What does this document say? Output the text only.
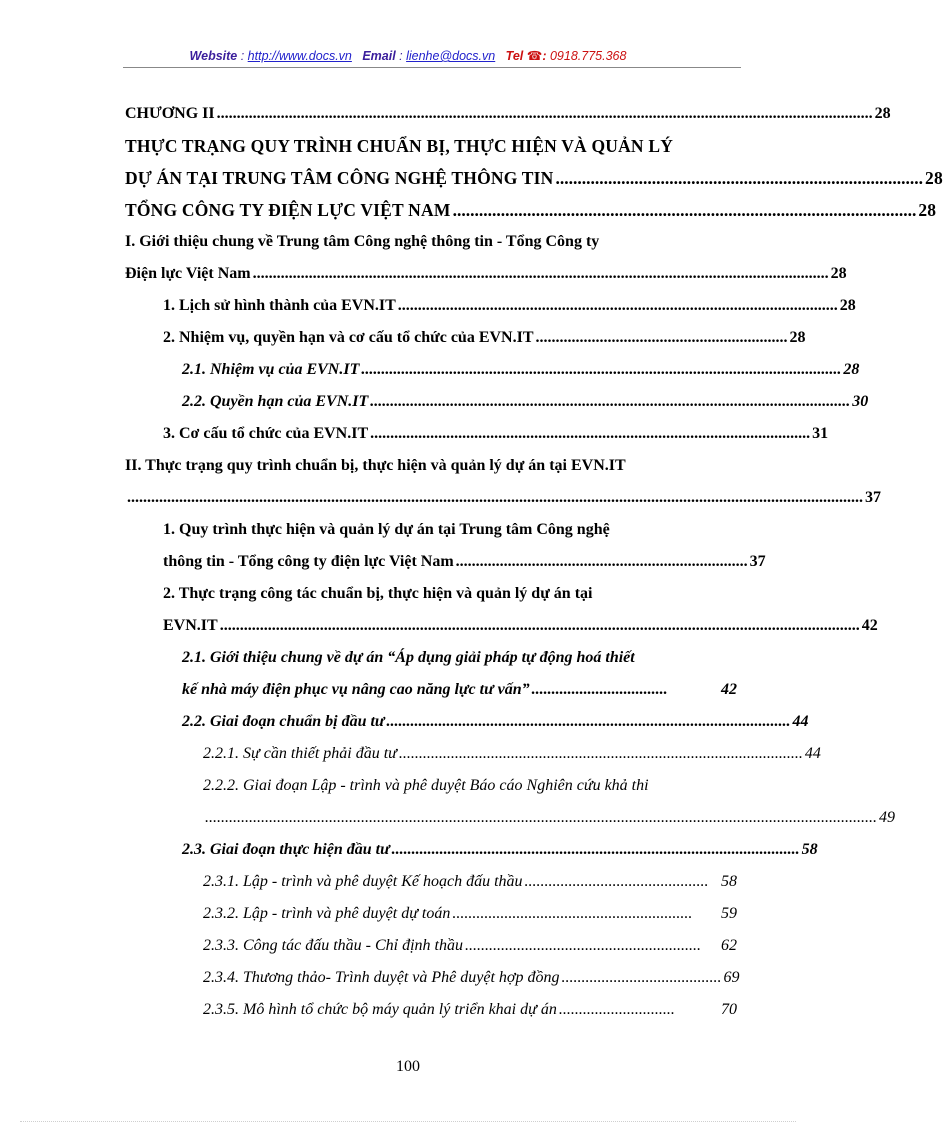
Website : http://www.docs.vn Email : lienhe@docs.vn Tel ☎: 0918.775.368
CHƯƠNG II .................................................................................................................................................................... 28
THỰC TRẠNG QUY TRÌNH CHUẨN BỊ, THỰC HIỆN VÀ QUẢN LÝ
DỰ ÁN TẠI TRUNG TÂM CÔNG NGHỆ THÔNG TIN .................................................................................... 28
TỔNG CÔNG TY ĐIỆN LỰC VIỆT NAM .......................................................................................................... 28
I. Giới thiệu chung về Trung tâm Công nghệ thông tin - Tổng Công ty
Điện lực Việt Nam ................................................................................................................................................ 28
1. Lịch sử hình thành của EVN.IT .............................................................................................................. 28
2. Nhiệm vụ, quyền hạn và cơ cấu tổ chức của EVN.IT ............................................................... 28
2.1. Nhiệm vụ của EVN.IT ........................................................................................................................ 28
2.2. Quyền hạn của EVN.IT ........................................................................................................................ 30
3. Cơ cấu tổ chức của EVN.IT .............................................................................................................. 31
II. Thực trạng quy trình chuẩn bị, thực hiện và quản lý dự án tại EVN.IT
........................................................................................................................................................................................ 37
1. Quy trình thực hiện và quản lý dự án tại Trung tâm Công nghệ
thông tin - Tổng công ty điện lực Việt Nam ......................................................................... 37
2. Thực trạng công tác chuẩn bị, thực hiện và quản lý dự án tại
EVN.IT ................................................................................................................................................................ 42
2.1. Giới thiệu chung về dự án “Áp dụng giải pháp tự động hoá thiết
kế nhà máy điện phục vụ nâng cao năng lực tư vấn” ..................................	42
2.2. Giai đoạn chuẩn bị đầu tư ..................................................................................................... 44
2.2.1. Sự cần thiết phải đầu tư ..................................................................................................... 44
2.2.2. Giai đoạn Lập - trình và phê duyệt Báo cáo Nghiên cứu khả thi
........................................................................................................................................................................ 49
2.3. Giai đoạn thực hiện đầu tư ...................................................................................................... 58
2.3.1. Lập - trình và phê duyệt Kế hoạch đấu thầu .............................................. 58
2.3.2. Lập - trình và phê duyệt dự toán ............................................................	59
2.3.3. Công tác đấu thầu - Chỉ định thầu ...........................................................	62
2.3.4. Thương thảo- Trình duyệt và Phê duyệt hợp đồng ........................................ 69
2.3.5. Mô hình tổ chức bộ máy quản lý triển khai dự án .............................	70
100
